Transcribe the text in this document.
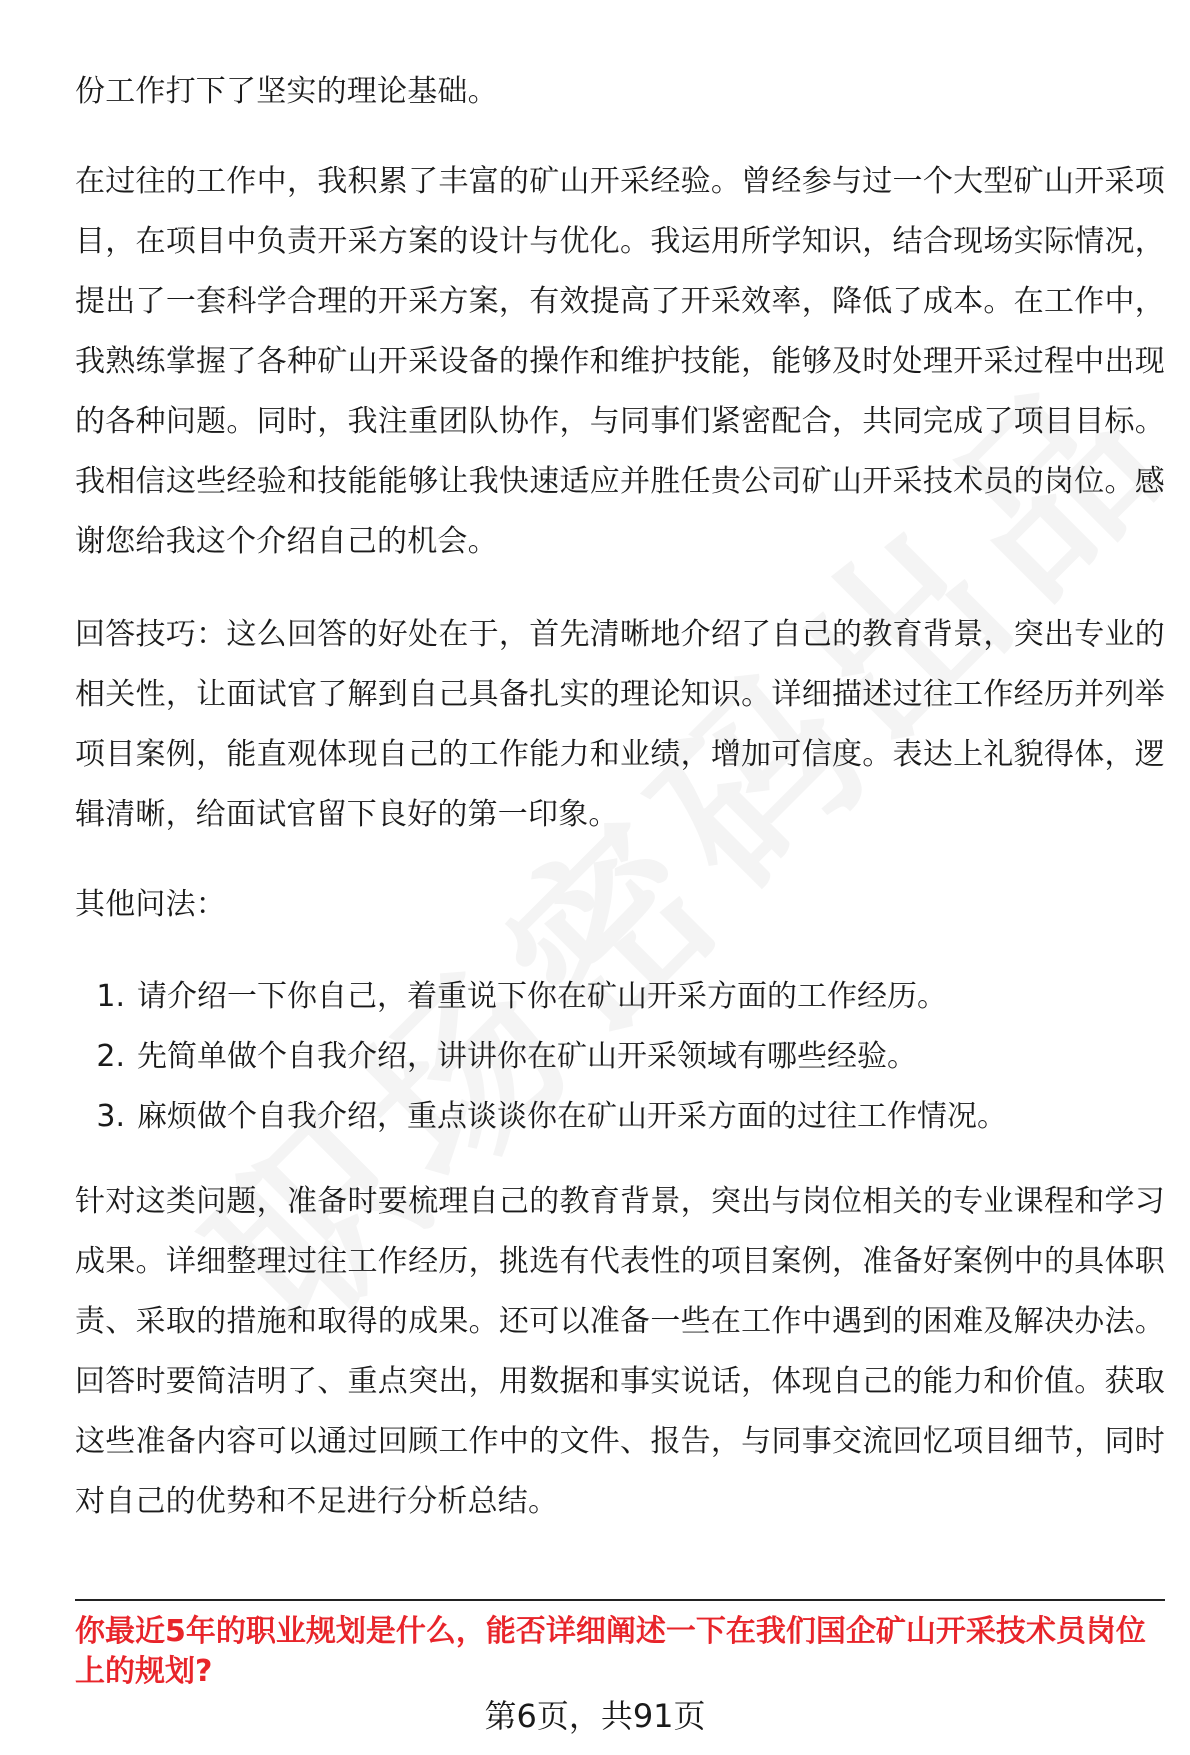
份工作打下了坚实的理论基础。

在过往的工作中，我积累了丰富的矿山开采经验。曾经参与过一个大型矿山开采项目，在项目中负责开采方案的设计与优化。我运用所学知识，结合现场实际情况，提出了一套科学合理的开采方案，有效提高了开采效率，降低了成本。在工作中，我熟练掌握了各种矿山开采设备的操作和维护技能，能够及时处理开采过程中出现的各种问题。同时，我注重团队协作，与同事们紧密配合，共同完成了项目目标。我相信这些经验和技能能够让我快速适应并胜任贵公司矿山开采技术员的岗位。感谢您给我这个介绍自己的机会。

回答技巧：这么回答的好处在于，首先清晰地介绍了自己的教育背景，突出专业的相关性，让面试官了解到自己具备扎实的理论知识。详细描述过往工作经历并列举项目案例，能直观体现自己的工作能力和业绩，增加可信度。表达上礼貌得体，逻辑清晰，给面试官留下良好的第一印象。

其他问法：

1. 请介绍一下你自己，着重说下你在矿山开采方面的工作经历。
2. 先简单做个自我介绍，讲讲你在矿山开采领域有哪些经验。
3. 麻烦做个自我介绍，重点谈谈你在矿山开采方面的过往工作情况。

针对这类问题，准备时要梳理自己的教育背景，突出与岗位相关的专业课程和学习成果。详细整理过往工作经历，挑选有代表性的项目案例，准备好案例中的具体职责、采取的措施和取得的成果。还可以准备一些在工作中遇到的困难及解决办法。回答时要简洁明了、重点突出，用数据和事实说话，体现自己的能力和价值。获取这些准备内容可以通过回顾工作中的文件、报告，与同事交流回忆项目细节，同时对自己的优势和不足进行分析总结。

你最近5年的职业规划是什么，能否详细阐述一下在我们国企矿山开采技术员岗位上的规划?

第6页，共91页
